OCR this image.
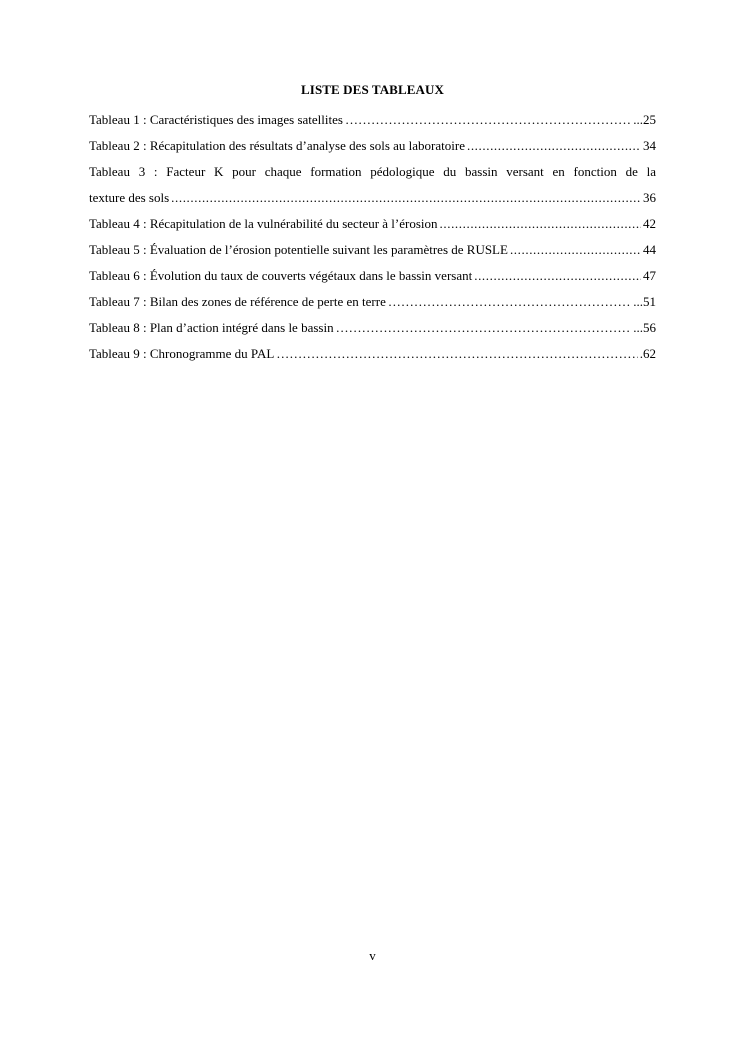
LISTE DES TABLEAUX
Tableau 1 : Caractéristiques des images satellites ………………………………………………………………………………………………………………………………………………………………………	...25
Tableau 2 : Récapitulation des résultats d’analyse des sols au laboratoire .....	34
Tableau 3 : Facteur K pour chaque formation pédologique du bassin versant en fonction de la
texture des sols .....	36
Tableau 4 : Récapitulation de la vulnérabilité du secteur à l’érosion .....	42
Tableau 5 : Évaluation de l’érosion potentielle suivant les paramètres de RUSLE .....	44
Tableau 6 : Évolution du taux de couverts végétaux dans le bassin versant .....	47
Tableau 7 : Bilan des zones de référence de perte en terre ………………………………………………………………………………………………………………………………………………………………………	...51
Tableau 8 : Plan d’action intégré dans le bassin ………………………………………………………………………………………………………………………………………………………………………	...56
Tableau 9 : Chronogramme du PAL ………………………………………………………………………………………………………………………………………………………………………	.62
v
